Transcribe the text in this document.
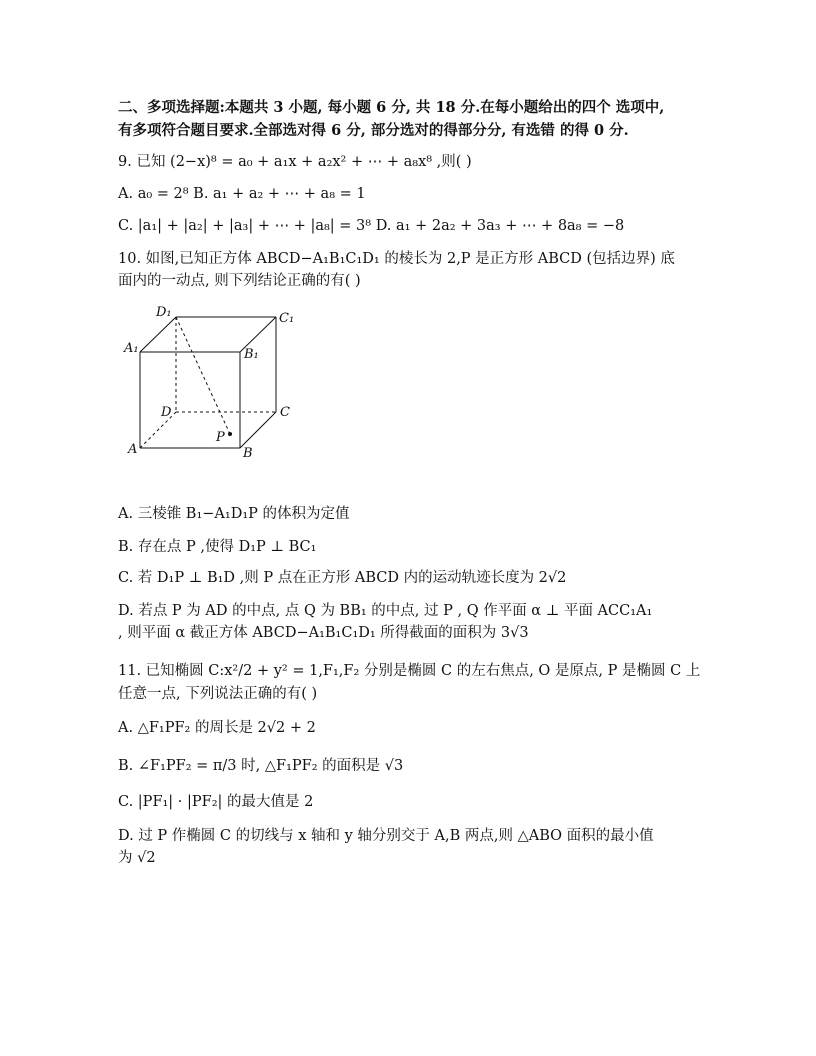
二、多项选择题:本题共 3 小题, 每小题 6 分, 共 18 分.在每小题给出的四个 选项中,
有多项符合题目要求.全部选对得 6 分, 部分选对的得部分分, 有选错 的得 0 分.
9. 已知 (2−x)⁸ = a₀ + a₁x + a₂x² + ⋯ + a₈x⁸ ,则( )
A. a₀ = 2⁸ B. a₁ + a₂ + ⋯ + a₈ = 1
C. |a₁| + |a₂| + |a₃| + ⋯ + |a₈| = 3⁸ D. a₁ + 2a₂ + 3a₃ + ⋯ + 8a₈ = −8
10. 如图,已知正方体 ABCD−A₁B₁C₁D₁ 的棱长为 2,P 是正方形 ABCD (包括边界) 底
面内的一动点, 则下列结论正确的有( )
D₁	C₁
A₁	B₁
D	C
A	B
P
A. 三棱锥 B₁−A₁D₁P 的体积为定值
B. 存在点 P ,使得 D₁P ⊥ BC₁
C. 若 D₁P ⊥ B₁D ,则 P 点在正方形 ABCD 内的运动轨迹长度为 2√2
D. 若点 P 为 AD 的中点, 点 Q 为 BB₁ 的中点, 过 P , Q 作平面 α ⊥ 平面 ACC₁A₁
, 则平面 α 截正方体 ABCD−A₁B₁C₁D₁ 所得截面的面积为 3√3
11. 已知椭圆 C:x²/2 + y² = 1,F₁,F₂ 分别是椭圆 C 的左右焦点, O 是原点, P 是椭圆 C 上
任意一点, 下列说法正确的有( )
A. △F₁PF₂ 的周长是 2√2 + 2
B. ∠F₁PF₂ = π/3 时, △F₁PF₂ 的面积是 √3
C. |PF₁| · |PF₂| 的最大值是 2
D. 过 P 作椭圆 C 的切线与 x 轴和 y 轴分别交于 A,B 两点,则 △ABO 面积的最小值
为 √2
